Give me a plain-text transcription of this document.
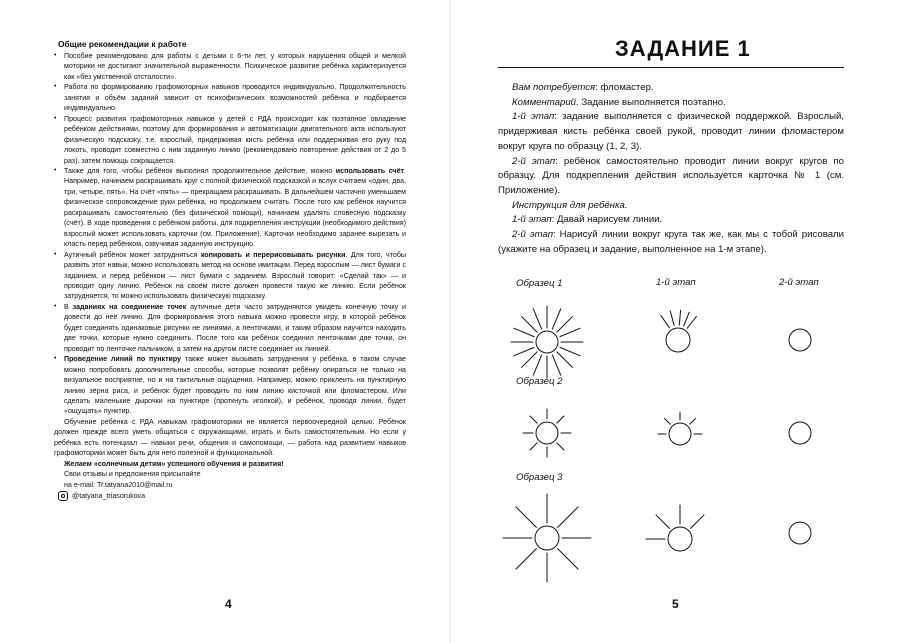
Общие рекомендации к работе
• Пособие рекомендовано для работы с детьми с 6-ти лет, у которых нарушения общей и мелкой моторики не достигают значительной выраженности. Психическое развитие ребёнка характеризуется как «без умственной отсталости».
• Работа по формированию графомоторных навыков проводится индивидуально. Продолжительность занятия и объём заданий зависит от психофизических возможностей ребёнка и подбирается индивидуально.
• Процесс развития графомоторных навыков у детей с РДА происходит как поэтапное овладение ребёнком действиями, поэтому для формирования и автоматизации двигательного акта используют физическую подсказку, т.е. взрослый, придерживая кисть ребёнка или поддерживая его руку под локоть, проводит совместно с ним заданную линию (рекомендовано повторение действия от 2 до 5 раз), затем помощь сокращается.
• Также для того, чтобы ребёнок выполнял продолжительное действие, можно использовать счёт. Например, начинаем раскрашивать круг с полной физической подсказкой и вслух считаем «один, два, три, четыре, пять». На счёт «пять» — прекращаем раскрашивать. В дальнейшем частично уменьшаем физическое сопровождение руки ребёнка, но продолжаем считать. После того как ребёнок научится раскрашивать самостоятельно (без физической помощи), начинаем удалять словесную подсказку (счёт). В ходе проведения с ребёнком работы, для подкрепления инструкции (необходимого действия) взрослый может использовать карточки (см. Приложение). Карточки необходимо заранее вырезать и класть перед ребёнком, озвучивая заданную инструкцию.
• Аутичный ребёнок может затрудняться копировать и перерисовывать рисунки. Для того, чтобы развить этот навык, можно использовать метод на основе имитации. Перед взрослым — лист бумаги с заданием, и перед ребёнком — лист бумаги с заданием. Взрослый говорит: «Сделай так» — и проводит одну линию. Ребёнок на своём листе должен провести такую же линию. Если ребёнок затрудняется, то можно использовать физическую подсказку.
• В заданиях на соединение точек аутичные дети часто затрудняются увидеть конечную точку и довести до неё линию. Для формирования этого навыка можно провести игру, в которой ребёнок будет соединять одинаковые рисунки не линиями, а ленточками, и таким образом научится находить две точки, которые нужно соединить. После того как ребёнок соединил ленточками две точки, он проводит по ленточке пальчиком, а затем на другом листе соединяет их линией.
• Проведение линий по пунктиру также может вызывать затруднения у ребёнка, в таком случае можно попробовать дополнительные способы, которые позволят ребёнку опираться не только на визуальное восприятие, но и на тактильные ощущения. Например, можно приклеить на пунктирную линию зёрна риса, и ребёнок будет проводить по ним линию кисточкой или фломастером. Или сделать маленькие дырочки на пунктире (проткнуть иголкой), и ребёнок, проводя линии, будет «ощущать» пунктир.

Обучение ребёнка с РДА навыкам графомоторики не является первоочередной целью. Ребёнок должен прежде всего уметь общаться с окружающими, играть и быть самостоятельным. Но если у ребёнка есть потенциал — навыки речи, общения и самопомощи, — работа над развитием навыков графомоторики может быть для него полезной и функциональной.

Желаем «солнечным детям» успешного обучения и развития!

Свои отзывы и предложения присылайте

на e-mail: Tr.tatyana2010@mail.ru

@tatyana_triasorukova
4
ЗАДАНИЕ 1

Вам потребуется: фломастер.

Комментарий. Задание выполняется поэтапно.

1-й этап: задание выполняется с физической поддержкой. Взрослый, придерживая кисть ребёнка своей рукой, проводит линии фломастером вокруг круга по образцу (1, 2, 3).

2-й этап: ребёнок самостоятельно проводит линии вокруг кругов по образцу. Для подкрепления действия используется карточка № 1 (см. Приложение).

Инструкция для ребёнка.

1-й этап: Давай нарисуем линии.

2-й этап: Нарисуй линии вокруг круга так же, как мы с тобой рисовали (укажите на образец и задание, выполненное на 1-м этапе).

Образец 1	1-й этап	2-й этап
Образец 2
Образец 3
5
